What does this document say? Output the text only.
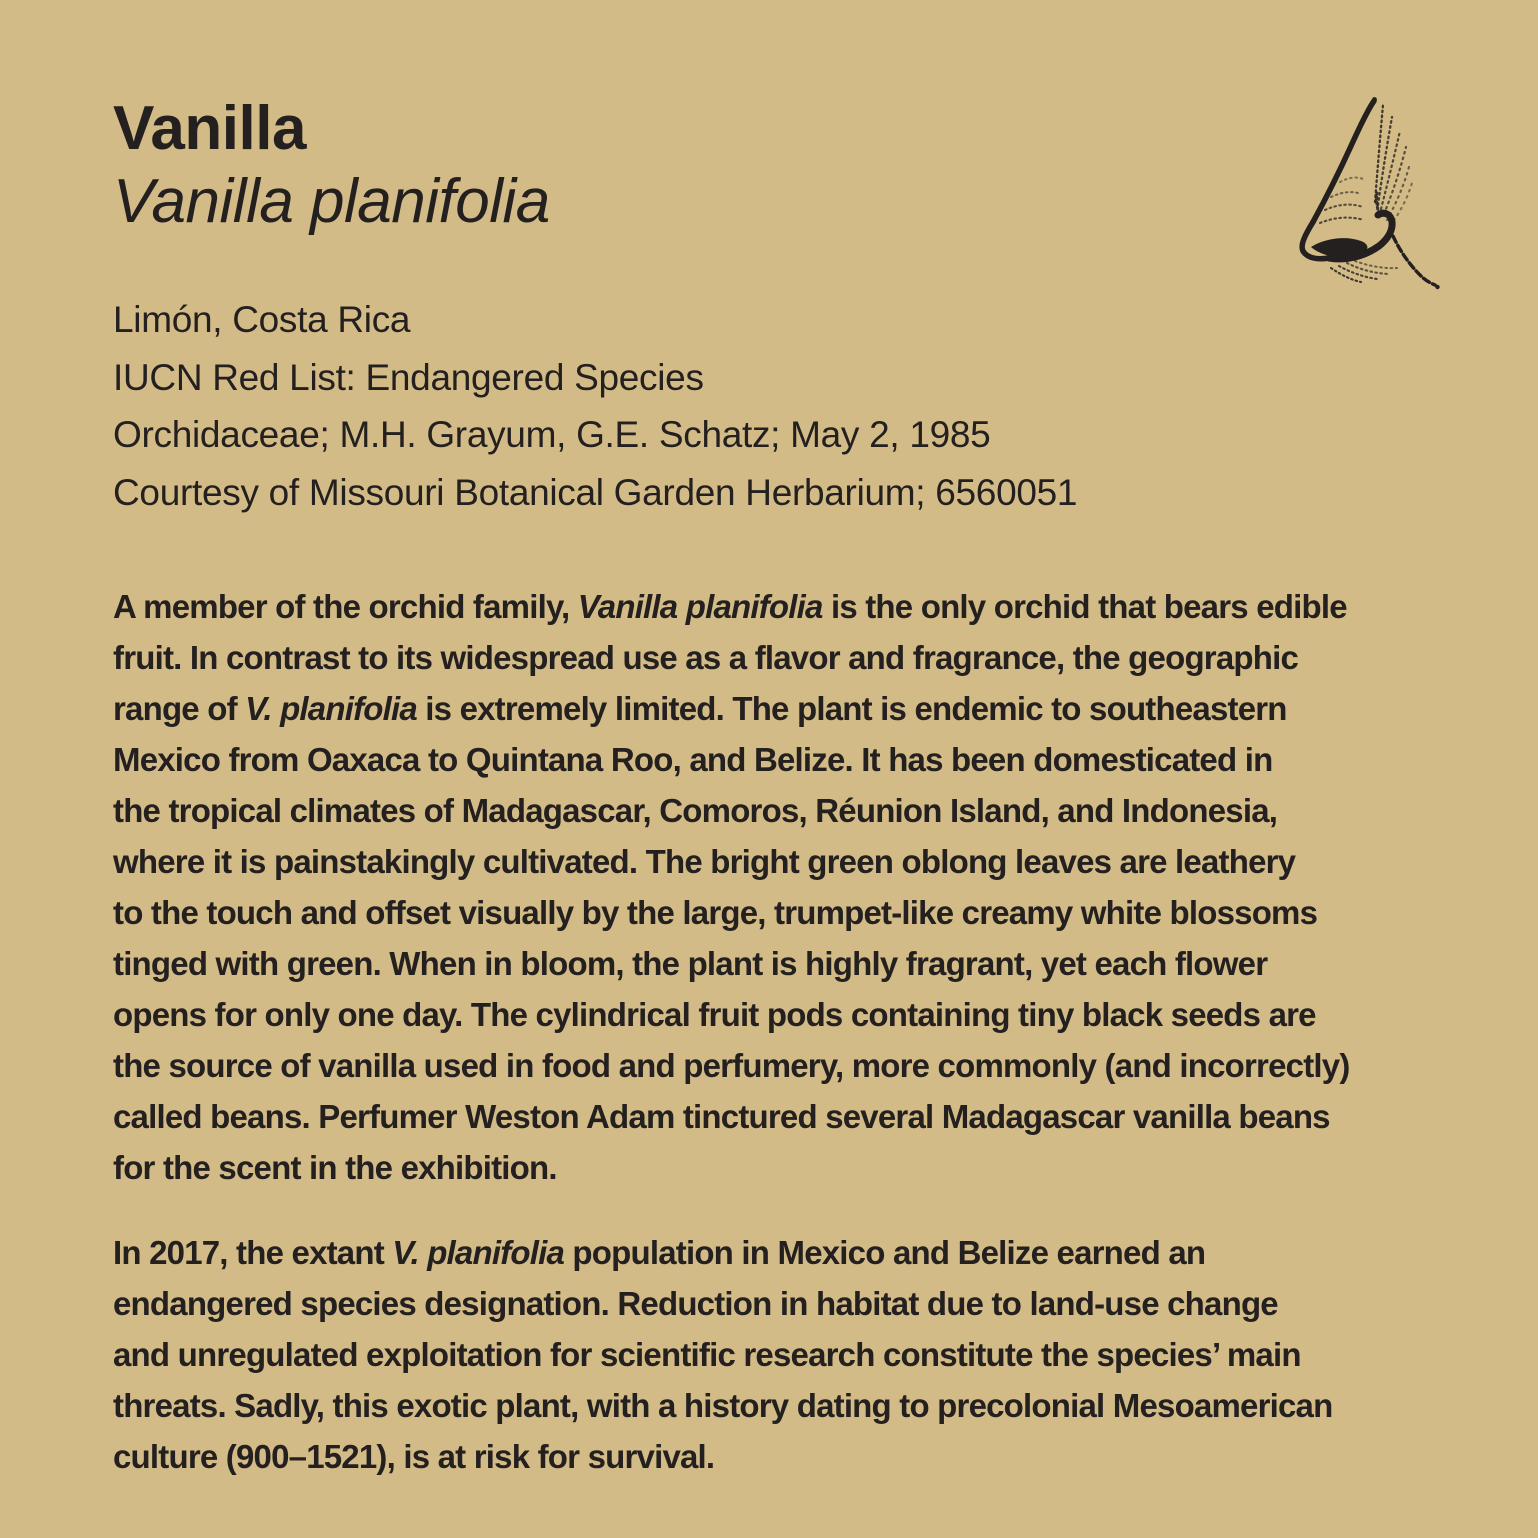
Vanilla
Vanilla planifolia
Limón, Costa Rica
IUCN Red List: Endangered Species
Orchidaceae; M.H. Grayum, G.E. Schatz; May 2, 1985
Courtesy of Missouri Botanical Garden Herbarium; 6560051
A member of the orchid family, Vanilla planifolia is the only orchid that bears edible
fruit. In contrast to its widespread use as a flavor and fragrance, the geographic
range of V. planifolia is extremely limited. The plant is endemic to southeastern
Mexico from Oaxaca to Quintana Roo, and Belize. It has been domesticated in
the tropical climates of Madagascar, Comoros, Réunion Island, and Indonesia,
where it is painstakingly cultivated. The bright green oblong leaves are leathery
to the touch and offset visually by the large, trumpet-like creamy white blossoms
tinged with green. When in bloom, the plant is highly fragrant, yet each flower
opens for only one day. The cylindrical fruit pods containing tiny black seeds are
the source of vanilla used in food and perfumery, more commonly (and incorrectly)
called beans. Perfumer Weston Adam tinctured several Madagascar vanilla beans
for the scent in the exhibition.
In 2017, the extant V. planifolia population in Mexico and Belize earned an
endangered species designation. Reduction in habitat due to land-use change
and unregulated exploitation for scientific research constitute the species’ main
threats. Sadly, this exotic plant, with a history dating to precolonial Mesoamerican
culture (900–1521), is at risk for survival.
